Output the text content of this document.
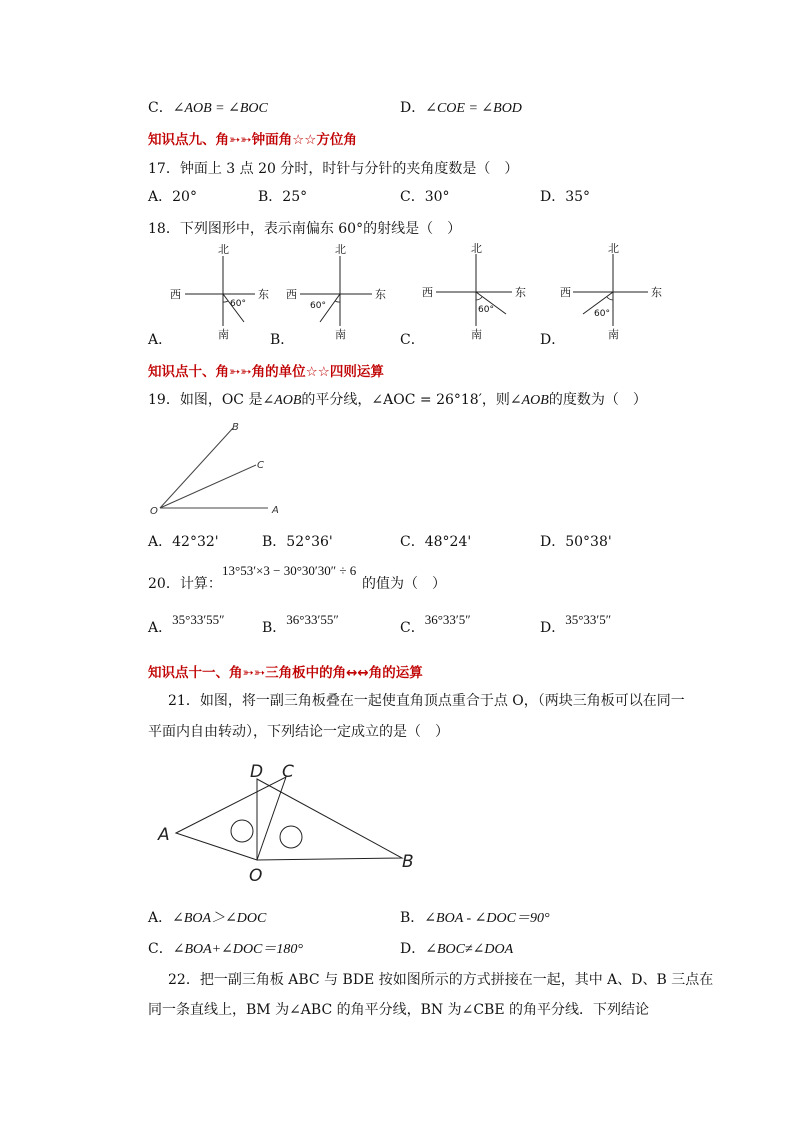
C．∠AOB = ∠BOC	D．∠COE = ∠BOD
知识点九、角➳➳钟面角☆☆方位角
17．钟面上 3 点 20 分时，时针与分针的夹角度数是（　）
A．20°	B．25°	C．30°	D．35°
18．下列图形中，表示南偏东 60°的射线是（　）
北
西	东
南
60°
北
西	东
南
60°
北
西	东
南
60°
北
西	东
南
60°
A．	B．	C．	D．
知识点十、角➳➳角的单位☆☆四则运算
19．如图，OC 是∠AOB的平分线，∠AOC = 26°18′，则∠AOB的度数为（　）
O	A
B
C
A．42°32'	B．52°36'	C．48°24'	D．50°38'
20．计算：
13°53′×3 − 30°30′30″ ÷ 6
的值为（　）
A．35°33′55″
B．36°33′55″
C．36°33′5″
D．35°33′5″
知识点十一、角➳➳三角板中的角↔↔角的运算
21．如图，将一副三角板叠在一起使直角顶点重合于点 O，（两块三角板可以在同一
平面内自由转动），下列结论一定成立的是（　）
A
B
C
D
O
A．∠BOA＞∠DOC	B．∠BOA - ∠DOC＝90°
C．∠BOA+∠DOC＝180°	D．∠BOC≠∠DOA
22．把一副三角板 ABC 与 BDE 按如图所示的方式拼接在一起，其中 A、D、B 三点在
同一条直线上，BM 为∠ABC 的角平分线，BN 为∠CBE 的角平分线．下列结论
